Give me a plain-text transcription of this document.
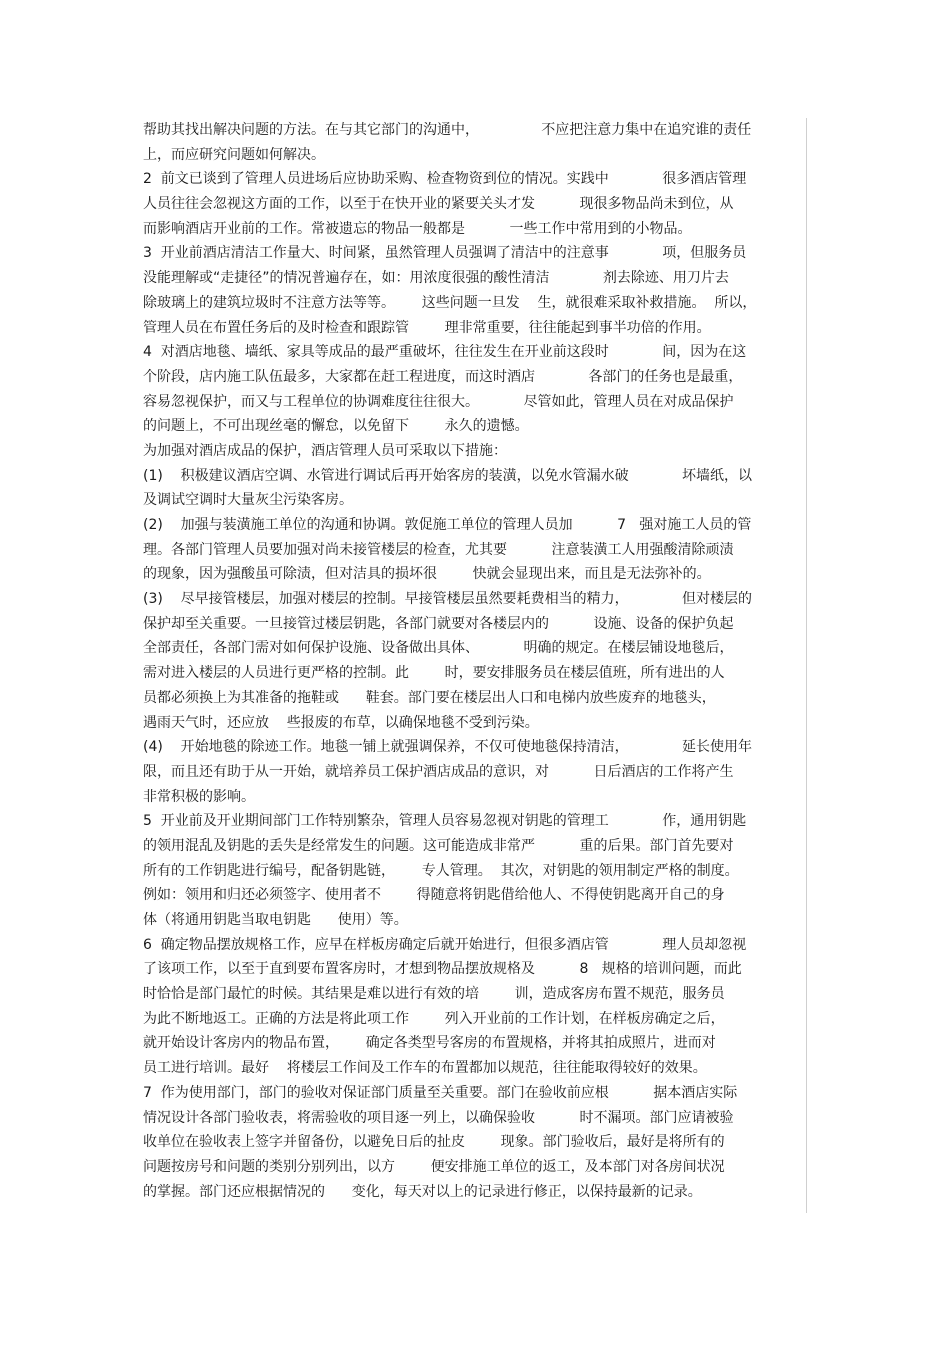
帮助其找出解决问题的方法。在与其它部门的沟通中，              不应把注意力集中在追究谁的责任
上，而应研究问题如何解决。
2  前文已谈到了管理人员进场后应协助采购、检查物资到位的情况。实践中            很多酒店管理
人员往往会忽视这方面的工作，以至于在快开业的紧要关头才发          现很多物品尚未到位，从
而影响酒店开业前的工作。常被遗忘的物品一般都是          一些工作中常用到的小物品。
3  开业前酒店清洁工作量大、时间紧，虽然管理人员强调了清洁中的注意事            项，但服务员
没能理解或“走捷径”的情况普遍存在，如：用浓度很强的酸性清洁            剂去除迹、用刀片去
除玻璃上的建筑垃圾时不注意方法等等。      这些问题一旦发    生，就很难采取补救措施。  所以，
管理人员在布置任务后的及时检查和跟踪管        理非常重要，往往能起到事半功倍的作用。
4  对酒店地毯、墙纸、家具等成品的最严重破坏，往往发生在开业前这段时            间，因为在这
个阶段，店内施工队伍最多，大家都在赶工程进度，而这时酒店            各部门的任务也是最重，
容易忽视保护，而又与工程单位的协调难度往往很大。          尽管如此，管理人员在对成品保护
的问题上，不可出现丝毫的懈怠，以免留下        永久的遗憾。
为加强对酒店成品的保护，酒店管理人员可采取以下措施：
(1)    积极建议酒店空调、水管进行调试后再开始客房的装潢，以免水管漏水破            坏墙纸，以
及调试空调时大量灰尘污染客房。
(2)    加强与装潢施工单位的沟通和协调。敦促施工单位的管理人员加          7   强对施工人员的管
理。各部门管理人员要加强对尚未接管楼层的检查，尤其要          注意装潢工人用强酸清除顽渍
的现象，因为强酸虽可除渍，但对洁具的损坏很        快就会显现出来，而且是无法弥补的。
(3)    尽早接管楼层，加强对楼层的控制。早接管楼层虽然要耗费相当的精力，            但对楼层的
保护却至关重要。一旦接管过楼层钥匙，各部门就要对各楼层内的          设施、设备的保护负起
全部责任，各部门需对如何保护设施、设备做出具体、          明确的规定。在楼层铺设地毯后，
需对进入楼层的人员进行更严格的控制。此        时，要安排服务员在楼层值班，所有进出的人
员都必须换上为其准备的拖鞋或      鞋套。部门要在楼层出人口和电梯内放些废弃的地毯头，
遇雨天气时，还应放    些报废的布草，以确保地毯不受到污染。
(4)    开始地毯的除迹工作。地毯一铺上就强调保养，不仅可使地毯保持清洁，            延长使用年
限，而且还有助于从一开始，就培养员工保护酒店成品的意识，对          日后酒店的工作将产生
非常积极的影响。
5  开业前及开业期间部门工作特别繁杂，管理人员容易忽视对钥匙的管理工            作，通用钥匙
的领用混乱及钥匙的丢失是经常发生的问题。这可能造成非常严          重的后果。部门首先要对
所有的工作钥匙进行编号，配备钥匙链，      专人管理。  其次，对钥匙的领用制定严格的制度。
例如：领用和归还必须签字、使用者不        得随意将钥匙借给他人、不得使钥匙离开自己的身
体（将通用钥匙当取电钥匙      使用）等。
6  确定物品摆放规格工作，应早在样板房确定后就开始进行，但很多酒店管            理人员却忽视
了该项工作，以至于直到要布置客房时，才想到物品摆放规格及          8   规格的培训问题，而此
时恰恰是部门最忙的时候。其结果是难以进行有效的培        训，造成客房布置不规范，服务员
为此不断地返工。正确的方法是将此项工作        列入开业前的工作计划，在样板房确定之后，
就开始设计客房内的物品布置，      确定各类型号客房的布置规格，并将其拍成照片，进而对
员工进行培训。最好    将楼层工作间及工作车的布置都加以规范，往往能取得较好的效果。
7  作为使用部门，部门的验收对保证部门质量至关重要。部门在验收前应根          据本酒店实际
情况设计各部门验收表，将需验收的项目逐一列上，以确保验收          时不漏项。部门应请被验
收单位在验收表上签字并留备份，以避免日后的扯皮        现象。部门验收后，最好是将所有的
问题按房号和问题的类别分别列出，以方        便安排施工单位的返工，及本部门对各房间状况
的掌握。部门还应根据情况的      变化，每天对以上的记录进行修正，以保持最新的记录。
